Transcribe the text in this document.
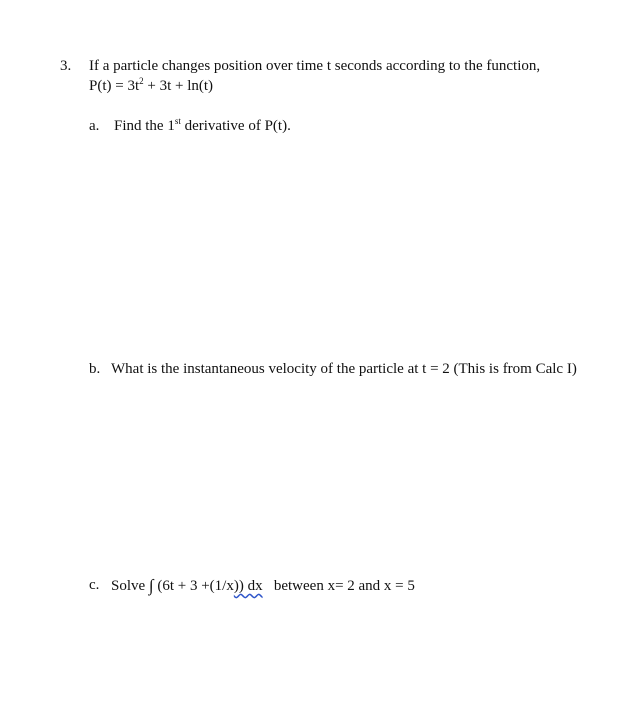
3. If a particle changes position over time t seconds according to the function,
$P(t) = 3t^2 + 3t + \ln(t)$
a. Find the 1st derivative of P(t).
b. What is the instantaneous velocity of the particle at t = 2 (This is from Calc I)
c. Solve ∫ (6t + 3 +(1/x)) dx between x= 2 and x = 5
